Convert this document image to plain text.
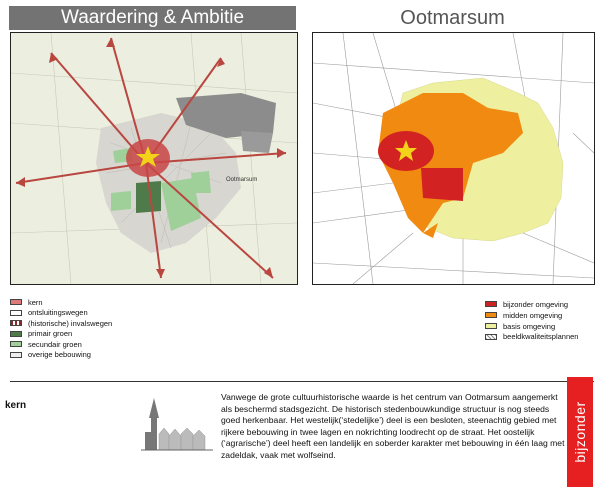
Waardering & Ambitie	Ootmarsum
Ootmarsum
kern
ontsluitingswegen
(historische) invalswegen
primair groen
secundair groen
overige bebouwing
bijzonder omgeving
midden omgeving
basis omgeving
beeldkwaliteitsplannen
kern
Vanwege de grote cultuurhistorische waarde is het centrum van Ootmarsum aangemerkt als beschermd stadsgezicht. De historisch stedenbouwkundige structuur is nog steeds goed herkenbaar. Het westelijk(‘stedelijke’) deel is een besloten, steenachtig gebied met rijkere bebouwing in twee lagen en nokrichting loodrecht op de straat. Het oostelijk (‘agrarische’) deel heeft een landelijk en soberder karakter met bebouwing in één laag met zadeldak, vaak met wolfseind.	bijzonder
